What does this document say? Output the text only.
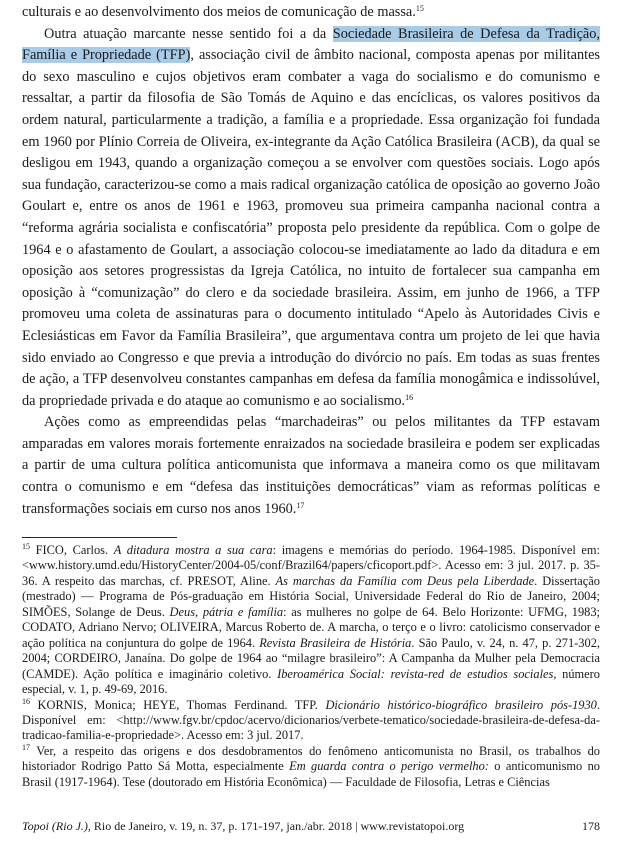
culturais e ao desenvolvimento dos meios de comunicação de massa.$^{15}$

Outra atuação marcante nesse sentido foi a da Sociedade Brasileira de Defesa da Tradição, Família e Propriedade (TFP), associação civil de âmbito nacional, composta apenas por militantes do sexo masculino e cujos objetivos eram combater a vaga do socialismo e do comunismo e ressaltar, a partir da filosofia de São Tomás de Aquino e das encíclicas, os valores positivos da ordem natural, particularmente a tradição, a família e a propriedade. Essa organização foi fundada em 1960 por Plínio Correia de Oliveira, ex-integrante da Ação Católica Brasileira (ACB), da qual se desligou em 1943, quando a organização começou a se envolver com questões sociais. Logo após sua fundação, caracterizou-se como a mais radical organização católica de oposição ao governo João Goulart e, entre os anos de 1961 e 1963, promoveu sua primeira campanha nacional contra a “reforma agrária socialista e confiscatória” proposta pelo presidente da república. Com o golpe de 1964 e o afastamento de Goulart, a associação colocou-se imediatamente ao lado da ditadura e em oposição aos setores progressistas da Igreja Católica, no intuito de fortalecer sua campanha em oposição à “comunização” do clero e da sociedade brasileira. Assim, em junho de 1966, a TFP promoveu uma coleta de assinaturas para o documento intitulado “Apelo às Autoridades Civis e Eclesiásticas em Favor da Família Brasileira”, que argumentava contra um projeto de lei que havia sido enviado ao Congresso e que previa a introdução do divórcio no país. Em todas as suas frentes de ação, a TFP desenvolveu constantes campanhas em defesa da família monogâmica e indissolúvel, da propriedade privada e do ataque ao comunismo e ao socialismo.$^{16}$

Ações como as empreendidas pelas “marchadeiras” ou pelos militantes da TFP estavam amparadas em valores morais fortemente enraizados na sociedade brasileira e podem ser explicadas a partir de uma cultura política anticomunista que informava a maneira como os que militavam contra o comunismo e em “defesa das instituições democráticas” viam as reformas políticas e transformações sociais em curso nos anos 1960.17

$^{15}$ FICO, Carlos. A ditadura mostra a sua cara: imagens e memórias do período. 1964-1985. Disponível em: <www.history.umd.edu/HistoryCenter/2004-05/conf/Brazil64/papers/cficoport.pdf>. Acesso em: 3 jul. 2017. p. 35-36. A respeito das marchas, cf. PRESOT, Aline. As marchas da Família com Deus pela Liberdade. Dissertação (mestrado) — Programa de Pós-graduação em História Social, Universidade Federal do Rio de Janeiro, 2004; SIMÕES, Solange de Deus. Deus, pátria e família: as mulheres no golpe de 64. Belo Horizonte: UFMG, 1983; CODATO, Adriano Nervo; OLIVEIRA, Marcus Roberto de. A marcha, o terço e o livro: catolicismo conservador e ação política na conjuntura do golpe de 1964. Revista Brasileira de História. São Paulo, v. 24, n. 47, p. 271-302, 2004; CORDEIRO, Janaína. Do golpe de 1964 ao “milagre brasileiro”: A Campanha da Mulher pela Democracia (CAMDE). Ação política e imaginário coletivo. Iberoamérica Social: revista-red de estudios sociales, número especial, v. 1, p. 49-69, 2016.

$^{16}$ KORNIS, Monica; HEYE, Thomas Ferdinand. TFP. Dicionário histórico-biográfico brasileiro pós-1930. Disponível em: <http://www.fgv.br/cpdoc/acervo/dicionarios/verbete-tematico/sociedade-brasileira-de-defesa-da-tradicao-familia-e-propriedade>. Acesso em: 3 jul. 2017.

$^{17}$ Ver, a respeito das origens e dos desdobramentos do fenômeno anticomunista no Brasil, os trabalhos do historiador Rodrigo Patto Sá Motta, especialmente Em guarda contra o perigo vermelho: o anticomunismo no Brasil (1917-1964). Tese (doutorado em História Econômica) — Faculdade de Filosofia, Letras e Ciências

Topoi (Rio J.), Rio de Janeiro, v. 19, n. 37, p. 171-197, jan./abr. 2018 | www.revistatopoi.org	178
